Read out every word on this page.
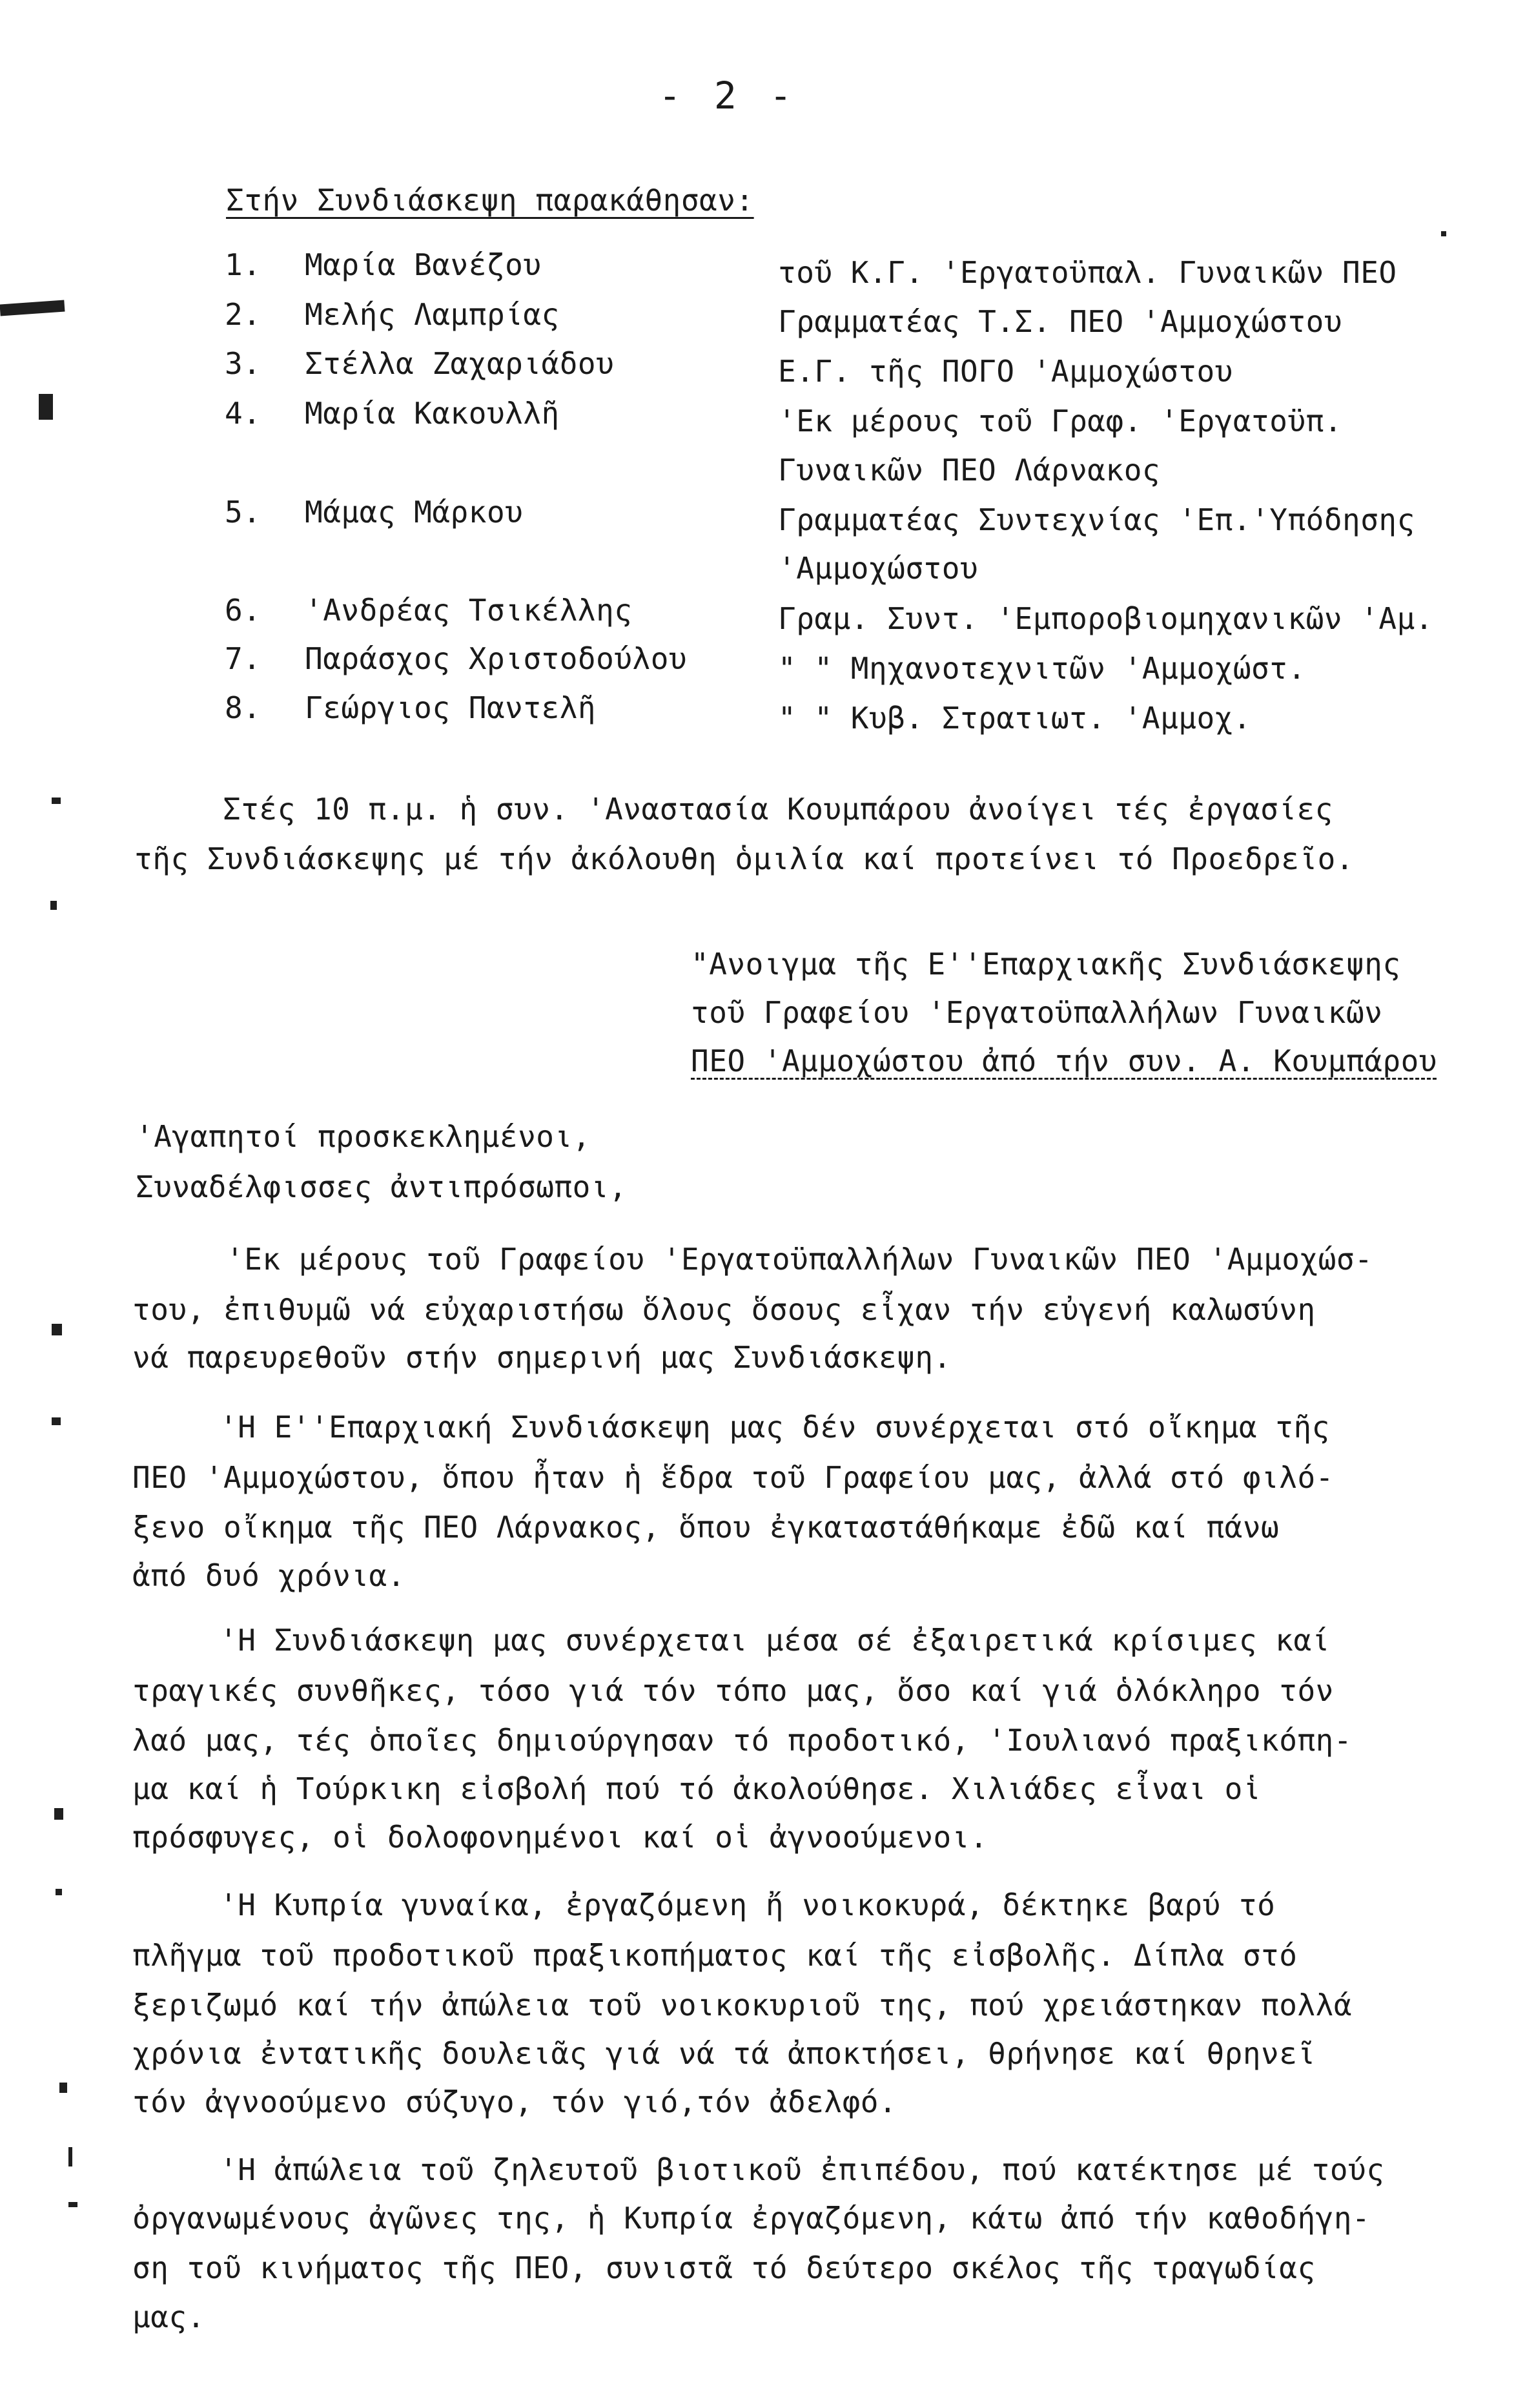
- 2 -
Στήν Συνδιάσκεψη παρακάθησαν:
1. Μαρία Βανέζου	τοῦ Κ.Γ. 'Εργατοϋπαλ. Γυναικῶν ΠΕΟ
2. Μελής Λαμπρίας	Γραμματέας Τ.Σ. ΠΕΟ 'Αμμοχώστου
3. Στέλλα Ζαχαριάδου	Ε.Γ. τῆς ΠΟΓΟ 'Αμμοχώστου
4. Μαρία Κακουλλῆ	'Εκ μέρους τοῦ Γραφ. 'Εργατοϋπ.
Γυναικῶν ΠΕΟ Λάρνακος
5. Μάμας Μάρκου	Γραμματέας Συντεχνίας 'Επ.'Υπόδησης
'Αμμοχώστου
6. 'Ανδρέας Τσικέλλης	Γραμ. Συντ. 'Εμποροβιομηχανικῶν 'Αμ.
7. Παράσχος Χριστοδούλου	" " Μηχανοτεχνιτῶν 'Αμμοχώστ.
8. Γεώργιος Παντελῆ	" " Κυβ. Στρατιωτ. 'Αμμοχ.
Στές 10 π.μ. ἡ συν. 'Αναστασία Κουμπάρου ἀνοίγει τές ἐργασίες
τῆς Συνδιάσκεψης μέ τήν ἀκόλουθη ὁμιλία καί προτείνει τό Προεδρεῖο.
"Ανοιγμα τῆς Ε''Επαρχιακῆς Συνδιάσκεψης
τοῦ Γραφείου 'Εργατοϋπαλλήλων Γυναικῶν
ΠΕΟ 'Αμμοχώστου ἀπό τήν συν. Α. Κουμπάρου
'Αγαπητοί προσκεκλημένοι,
Συναδέλφισσες ἀντιπρόσωποι,
'Εκ μέρους τοῦ Γραφείου 'Εργατοϋπαλλήλων Γυναικῶν ΠΕΟ 'Αμμοχώσ-
του, ἐπιθυμῶ νά εὐχαριστήσω ὅλους ὅσους εἶχαν τήν εὐγενή καλωσύνη
νά παρευρεθοῦν στήν σημερινή μας Συνδιάσκεψη.
'Η Ε''Επαρχιακή Συνδιάσκεψη μας δέν συνέρχεται στό οἴκημα τῆς
ΠΕΟ 'Αμμοχώστου, ὅπου ἦταν ἡ ἕδρα τοῦ Γραφείου μας, ἀλλά στό φιλό-
ξενο οἴκημα τῆς ΠΕΟ Λάρνακος, ὅπου ἐγκαταστάθήκαμε ἐδῶ καί πάνω
ἀπό δυό χρόνια.
'Η Συνδιάσκεψη μας συνέρχεται μέσα σέ ἐξαιρετικά κρίσιμες καί
τραγικές συνθῆκες, τόσο γιά τόν τόπο μας, ὅσο καί γιά ὁλόκληρο τόν
λαό μας, τές ὁποῖες δημιούργησαν τό προδοτικό, 'Ιουλιανό πραξικόπη-
μα καί ἡ Τούρκικη εἰσβολή πού τό ἀκολούθησε. Χιλιάδες εἶναι οἱ
πρόσφυγες, οἱ δολοφονημένοι καί οἱ ἀγνοούμενοι.
'Η Κυπρία γυναίκα, ἐργαζόμενη ἤ νοικοκυρά, δέκτηκε βαρύ τό
πλῆγμα τοῦ προδοτικοῦ πραξικοπήματος καί τῆς εἰσβολῆς. Δίπλα στό
ξεριζωμό καί τήν ἀπώλεια τοῦ νοικοκυριοῦ της, πού χρειάστηκαν πολλά
χρόνια ἐντατικῆς δουλειᾶς γιά νά τά ἀποκτήσει, θρήνησε καί θρηνεῖ
τόν ἀγνοούμενο σύζυγο, τόν γιό,τόν ἀδελφό.
'Η ἀπώλεια τοῦ ζηλευτοῦ βιοτικοῦ ἐπιπέδου, πού κατέκτησε μέ τούς
ὀργανωμένους ἀγῶνες της, ἡ Κυπρία ἐργαζόμενη, κάτω ἀπό τήν καθοδήγη-
ση τοῦ κινήματος τῆς ΠΕΟ, συνιστᾶ τό δεύτερο σκέλος τῆς τραγωδίας
μας.
